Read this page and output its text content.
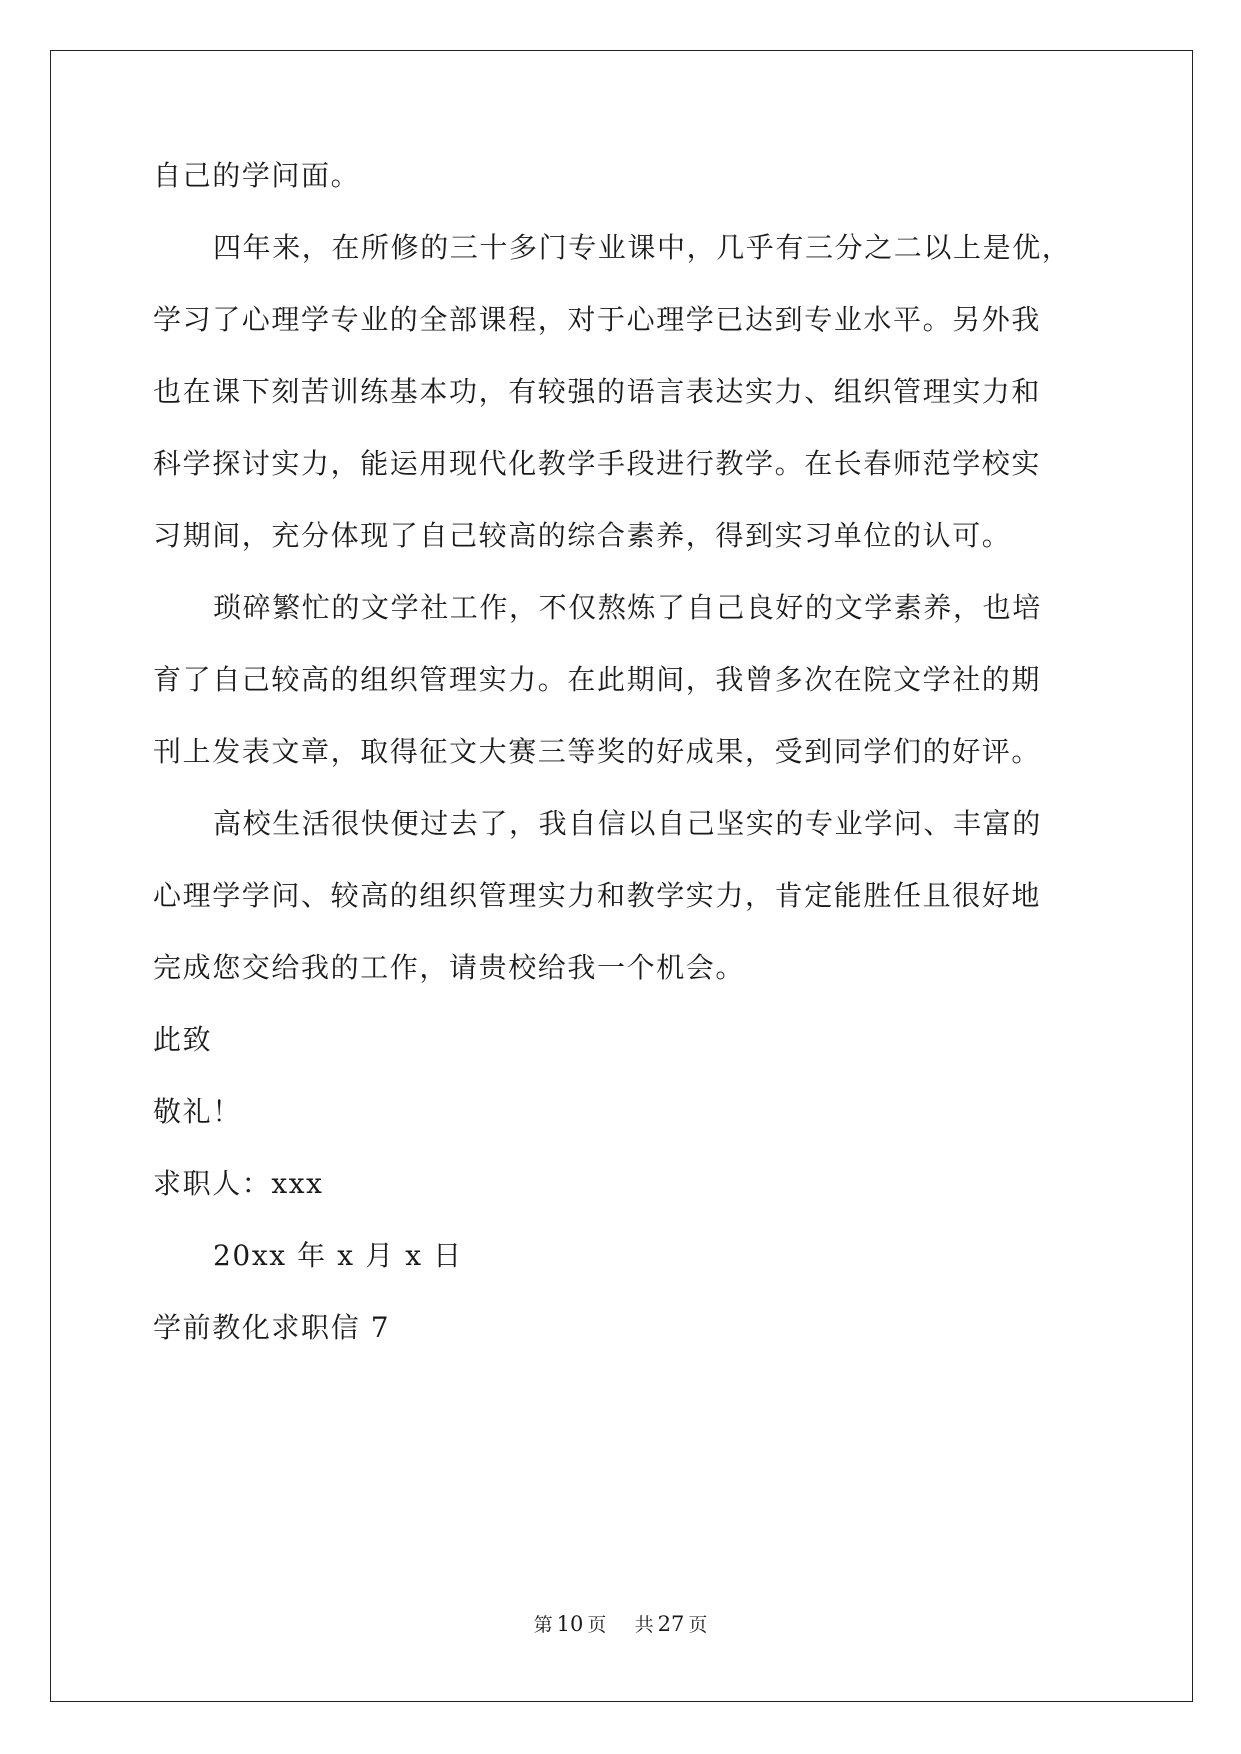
自己的学问面。
四年来，在所修的三十多门专业课中，几乎有三分之二以上是优，
学习了心理学专业的全部课程，对于心理学已达到专业水平。另外我
也在课下刻苦训练基本功，有较强的语言表达实力、组织管理实力和
科学探讨实力，能运用现代化教学手段进行教学。在长春师范学校实
习期间，充分体现了自己较高的综合素养，得到实习单位的认可。
琐碎繁忙的文学社工作，不仅熬炼了自己良好的文学素养，也培
育了自己较高的组织管理实力。在此期间，我曾多次在院文学社的期
刊上发表文章，取得征文大赛三等奖的好成果，受到同学们的好评。
高校生活很快便过去了，我自信以自己坚实的专业学问、丰富的
心理学学问、较高的组织管理实力和教学实力，肯定能胜任且很好地
完成您交给我的工作，请贵校给我一个机会。
此致
敬礼！
求职人：xxx
20xx 年 x 月 x 日
学前教化求职信 7
第 10 页 共 27 页
